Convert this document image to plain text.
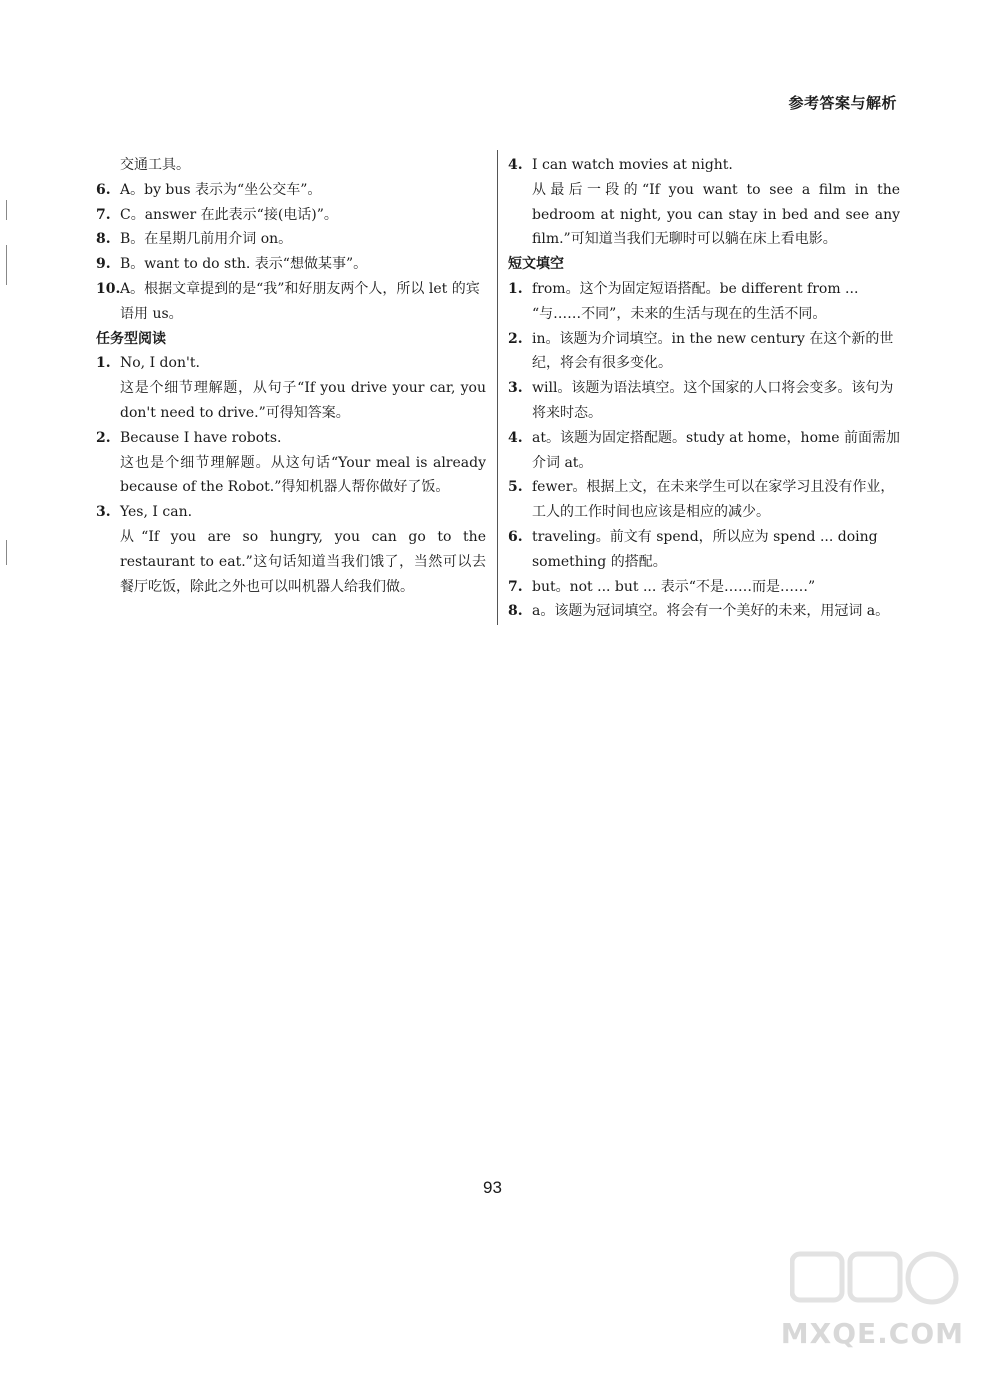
参考答案与解析
交通工具。
6. A。by bus 表示为“坐公交车”。
7. C。answer 在此表示“接(电话)”。
8. B。在星期几前用介词 on。
9. B。want to do sth. 表示“想做某事”。
10. A。根据文章提到的是“我”和好朋友两个人，所以 let 的宾语用 us。
任务型阅读
1. No, I don't.
这是个细节理解题，从句子“If you drive your car, you don't need to drive.”可得知答案。
2. Because I have robots.
这也是个细节理解题。从这句话“Your meal is already because of the Robot.”得知机器人帮你做好了饭。
3. Yes, I can.
从“If you are so hungry, you can go to the restaurant to eat.”这句话知道当我们饿了，当然可以去餐厅吃饭，除此之外也可以叫机器人给我们做。
4. I can watch movies at night.
从最后一段的“If you want to see a film in the bedroom at night, you can stay in bed and see any film.”可知道当我们无聊时可以躺在床上看电影。
短文填空
1. from。这个为固定短语搭配。be different from ... “与……不同”，未来的生活与现在的生活不同。
2. in。该题为介词填空。in the new century 在这个新的世纪，将会有很多变化。
3. will。该题为语法填空。这个国家的人口将会变多。该句为将来时态。
4. at。该题为固定搭配题。study at home，home 前面需加介词 at。
5. fewer。根据上文，在未来学生可以在家学习且没有作业，工人的工作时间也应该是相应的减少。
6. traveling。前文有 spend，所以应为 spend ... doing something 的搭配。
7. but。not ... but ... 表示“不是……而是……”
8. a。该题为冠词填空。将会有一个美好的未来，用冠词 a。
93
MXQE.COM
